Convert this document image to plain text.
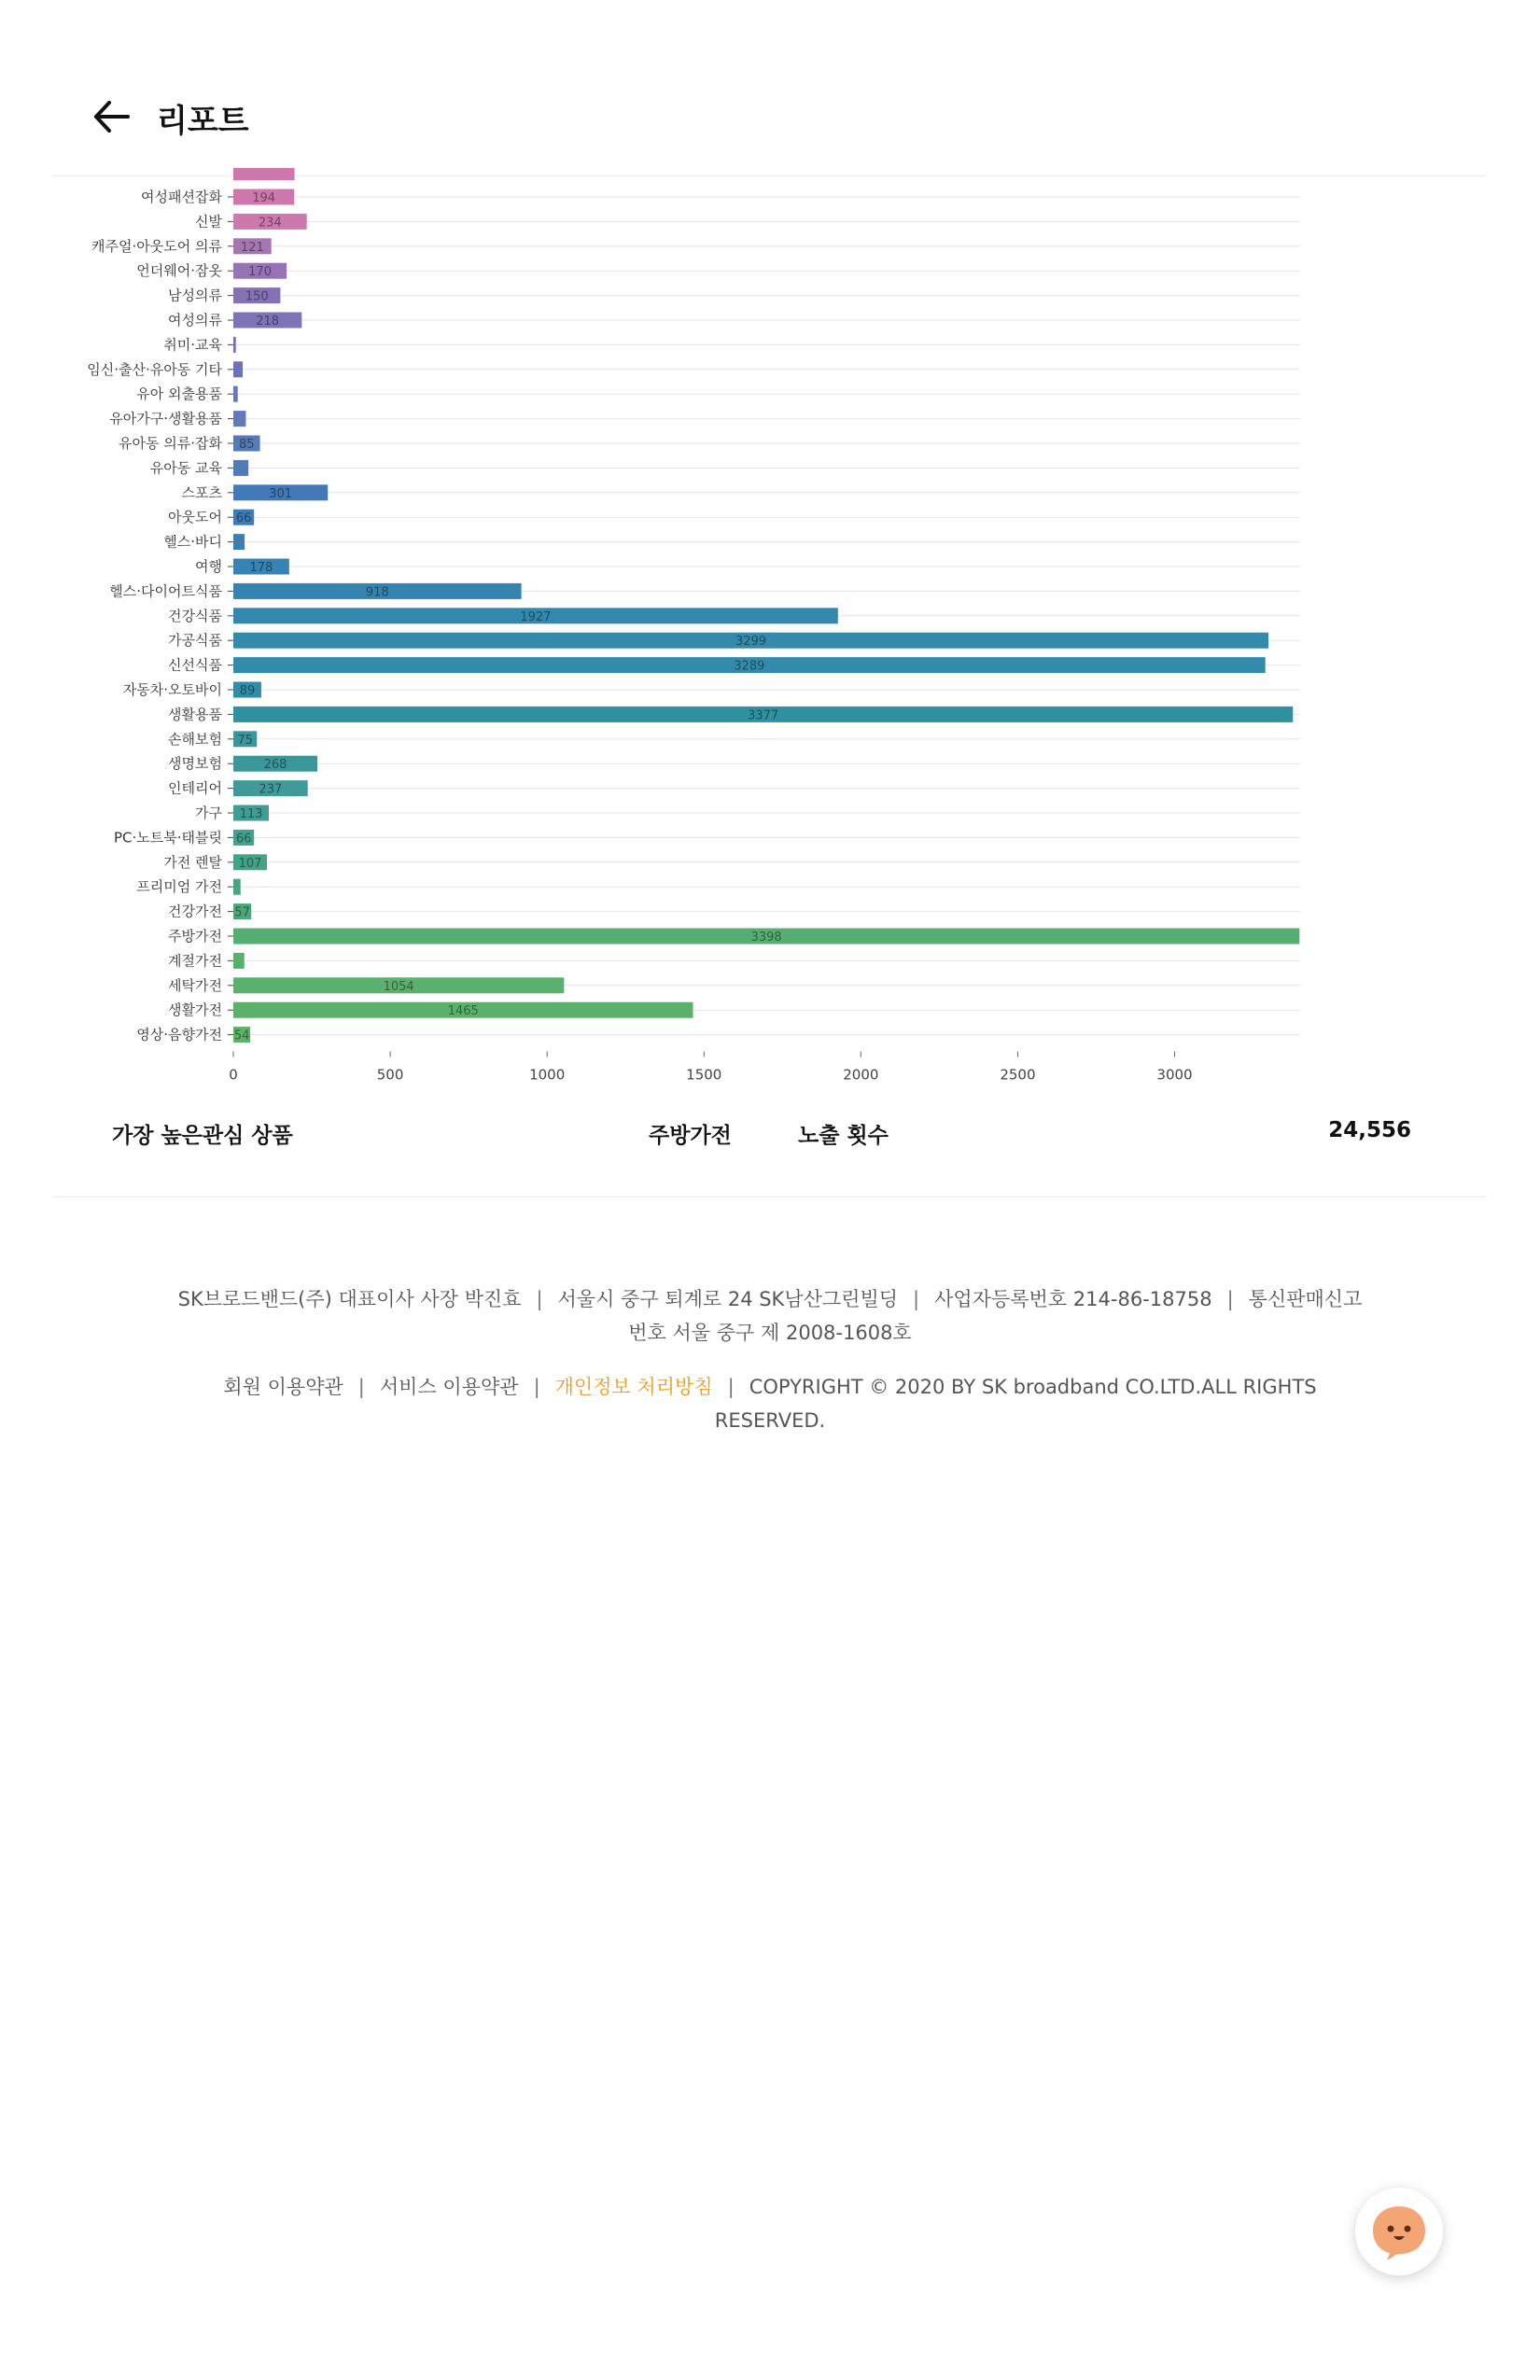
리포트
여성패션잡화 194
신발	234
캐주얼·아웃도어 의류 121
언더웨어·잠옷 170
남성의류 150
여성의류	218
취미·교육
임신·출산·유아동 기타
유아 외출용품
유아가구·생활용품
유아동 의류·잡화 85
유아동 교육
스포츠	301
아웃도어 66
헬스·바디
여행 178
헬스·다이어트식품	918
건강식품	1927
가공식품	3299
신선식품	3289
자동차·오토바이 89
생활용품	3377
손해보험 75
생명보험	268
인테리어	237
가구 113
PC·노트북·태블릿 66
가전 렌탈 107
프리미엄 가전
건강가전 57
주방가전	3398
계절가전
세탁가전	1054
생활가전	1465
영상·음향가전 54
0	500	1000	1500	2000	2500	3000
가장 높은관심 상품	주방가전	노출 횟수	24,556
SK브로드밴드(주) 대표이사 사장 박진효 | 서울시 중구 퇴계로 24 SK남산그린빌딩 | 사업자등록번호 214-86-18758 | 통신판매신고
번호 서울 중구 제 2008-1608호
회원 이용약관 | 서비스 이용약관 | 개인정보 처리방침 | COPYRIGHT © 2020 BY SK broadband CO.LTD.ALL RIGHTS
RESERVED.
